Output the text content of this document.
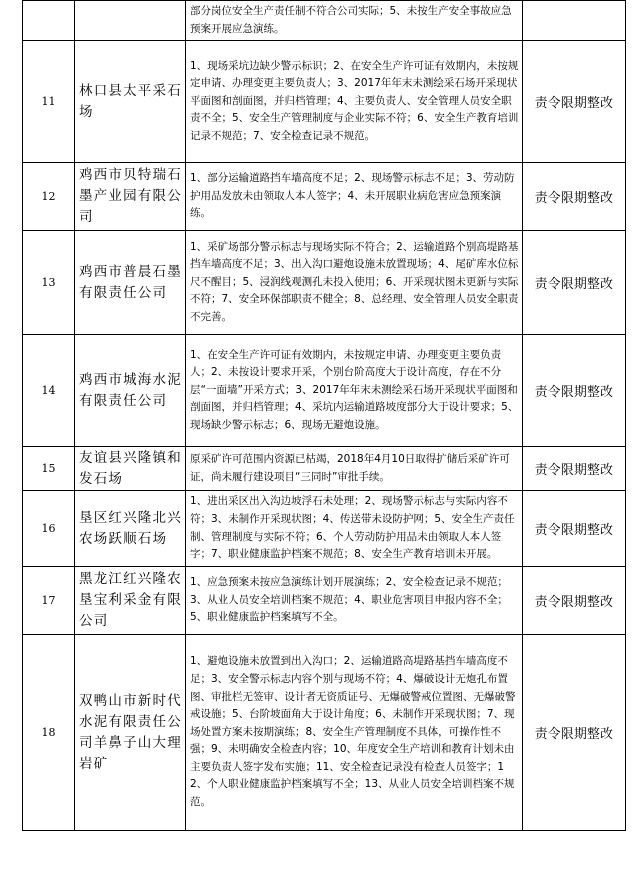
		部分岗位安全生产责任制不符合公司实际；5、未按生产安全事故应急预案开展应急演练。	
11	林口县太平采石场	1、现场采坑边缺少警示标识；2、在安全生产许可证有效期内，未按规定申请、办理变更主要负责人；3、2017年年末未测绘采石场开采现状平面图和剖面图，并归档管理；4、主要负责人、安全管理人员安全职责不全；5、安全生产管理制度与企业实际不符；6、安全生产教育培训记录不规范；7、安全检查记录不规范。	责令限期整改
12	鸡西市贝特瑞石墨产业园有限公司	1、部分运输道路挡车墙高度不足；2、现场警示标志不足；3、劳动防护用品发放未由领取人本人签字；4、未开展职业病危害应急预案演练。	责令限期整改
13	鸡西市普晨石墨有限责任公司	1、采矿场部分警示标志与现场实际不符合；2、运输道路个别高堤路基挡车墙高度不足；3、出入沟口避炮设施未放置现场；4、尾矿库水位标尺不醒目；5、浸润线观测孔未投入使用；6、开采现状图未更新与实际不符；7、安全环保部职责不健全；8、总经理、安全管理人员安全职责不完善。	责令限期整改
14	鸡西市城海水泥有限责任公司	1、在安全生产许可证有效期内，未按规定申请、办理变更主要负责人；2、未按设计要求开采，个别台阶高度大于设计高度，存在不分层“一面墙”开采方式；3、2017年年末未测绘采石场开采现状平面图和剖面图，并归档管理；4、采坑内运输道路坡度部分大于设计要求；5、现场缺少警示标志；6、现场无避炮设施。	责令限期整改
15	友谊县兴隆镇和发石场	原采矿许可范围内资源已枯竭，2018年4月10日取得扩储后采矿许可证，尚未履行建设项目“三同时”审批手续。	责令限期整改
16	垦区红兴隆北兴农场跃顺石场	1、进出采区出入沟边坡浮石未处理；2、现场警示标志与实际内容不符；3、未制作开采现状图；4、传送带未设防护网；5、安全生产责任制、管理制度与实际不符；6、个人劳动防护用品未由领取人本人签字；7、职业健康监护档案不规范；8、安全生产教育培训未开展。	责令限期整改
17	黑龙江红兴隆农垦宝利采金有限公司	1、应急预案未按应急演练计划开展演练；2、安全检查记录不规范；3、从业人员安全培训档案不规范；4、职业危害项目申报内容不全；5、职业健康监护档案填写不全。	责令限期整改
18	双鸭山市新时代水泥有限责任公司羊鼻子山大理岩矿	1、避炮设施未放置到出入沟口；2、运输道路高堤路基挡车墙高度不足；3、安全警示标志内容个别与现场不符；4、爆破设计无炮孔布置图、审批栏无签审、设计者无资质证号、无爆破警戒位置图、无爆破警戒设施；5、台阶坡面角大于设计角度；6、未制作开采现状图；7、现场处置方案未按期演练；8、安全生产管理制度不具体，可操作性不强；9、未明确安全检查内容；10、年度安全生产培训和教育计划未由主要负责人签字发布实施；11、安全检查记录没有检查人员签字；12、个人职业健康监护档案填写不全；13、从业人员安全培训档案不规范。	责令限期整改
